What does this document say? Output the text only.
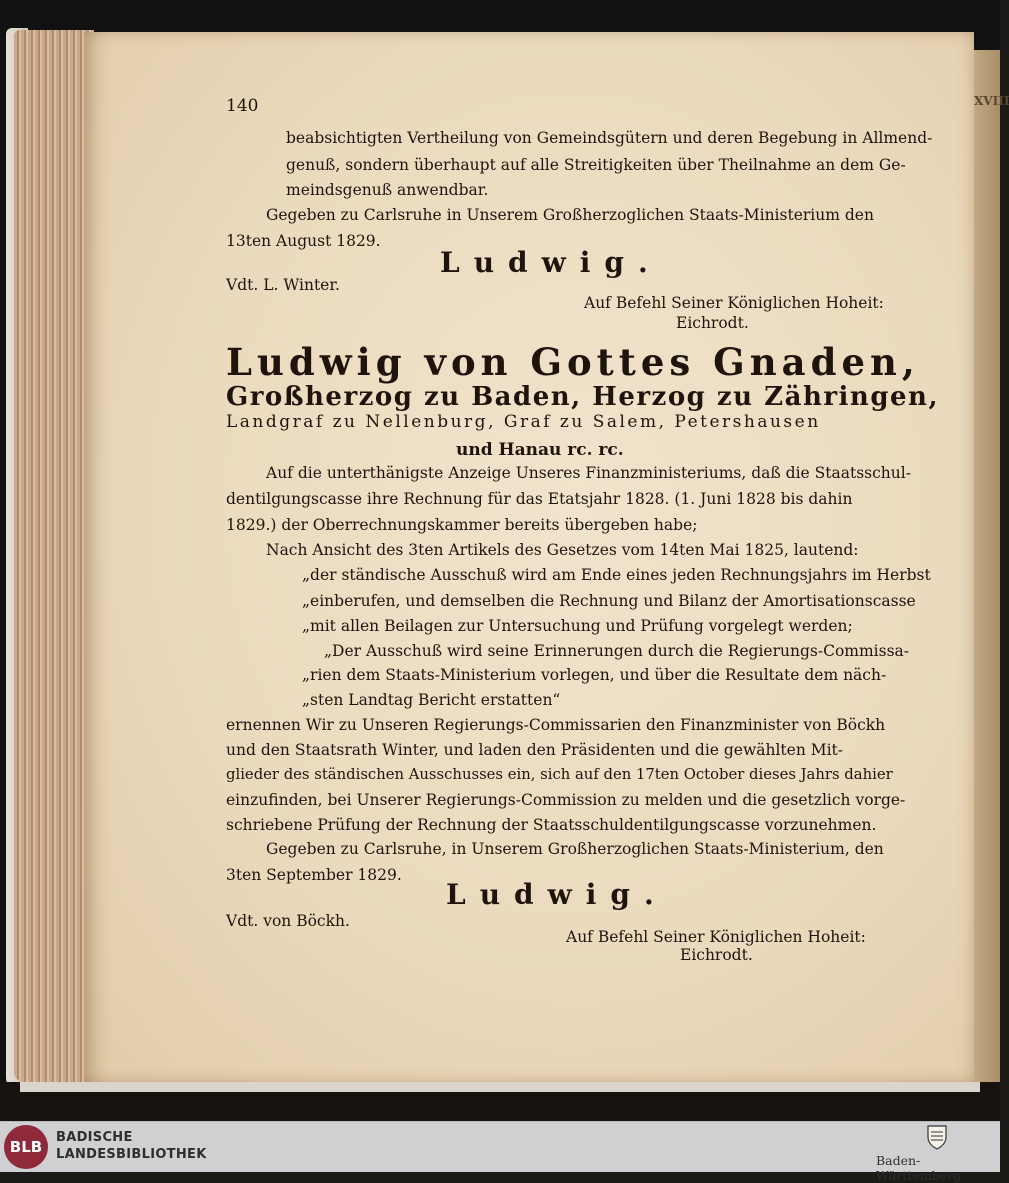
XVIII
140
beabsichtigten Vertheilung von Gemeindsgütern und deren Begebung in Allmend-
genuß, sondern überhaupt auf alle Streitigkeiten über Theilnahme an dem Ge-
meindsgenuß anwendbar.
Gegeben zu Carlsruhe in Unserem Großherzoglichen Staats-Ministerium den
13ten August 1829.
Ludwig.
Vdt. L. Winter.
Auf Befehl Seiner Königlichen Hoheit:
Eichrodt.
Ludwig von Gottes Gnaden,
Großherzog zu Baden, Herzog zu Zähringen,
Landgraf zu Nellenburg, Graf zu Salem, Petershausen
und Hanau rc. rc.
Auf die unterthänigste Anzeige Unseres Finanzministeriums, daß die Staatsschul-
dentilgungscasse ihre Rechnung für das Etatsjahr 1828. (1. Juni 1828 bis dahin
1829.) der Oberrechnungskammer bereits übergeben habe;
Nach Ansicht des 3ten Artikels des Gesetzes vom 14ten Mai 1825, lautend:
„der ständische Ausschuß wird am Ende eines jeden Rechnungsjahrs im Herbst
„einberufen, und demselben die Rechnung und Bilanz der Amortisationscasse
„mit allen Beilagen zur Untersuchung und Prüfung vorgelegt werden;
„Der Ausschuß wird seine Erinnerungen durch die Regierungs-Commissa-
„rien dem Staats-Ministerium vorlegen, und über die Resultate dem näch-
„sten Landtag Bericht erstatten“
ernennen Wir zu Unseren Regierungs-Commissarien den Finanzminister von Böckh
und den Staatsrath Winter, und laden den Präsidenten und die gewählten Mit-
glieder des ständischen Ausschusses ein, sich auf den 17ten October dieses Jahrs dahier
einzufinden, bei Unserer Regierungs-Commission zu melden und die gesetzlich vorge-
schriebene Prüfung der Rechnung der Staatsschuldentilgungscasse vorzunehmen.
Gegeben zu Carlsruhe, in Unserem Großherzoglichen Staats-Ministerium, den
3ten September 1829.
Ludwig.
Vdt. von Böckh.
Auf Befehl Seiner Königlichen Hoheit:
Eichrodt.
BLB
BADISCHE
LANDESBIBLIOTHEK	Baden-Württemberg
